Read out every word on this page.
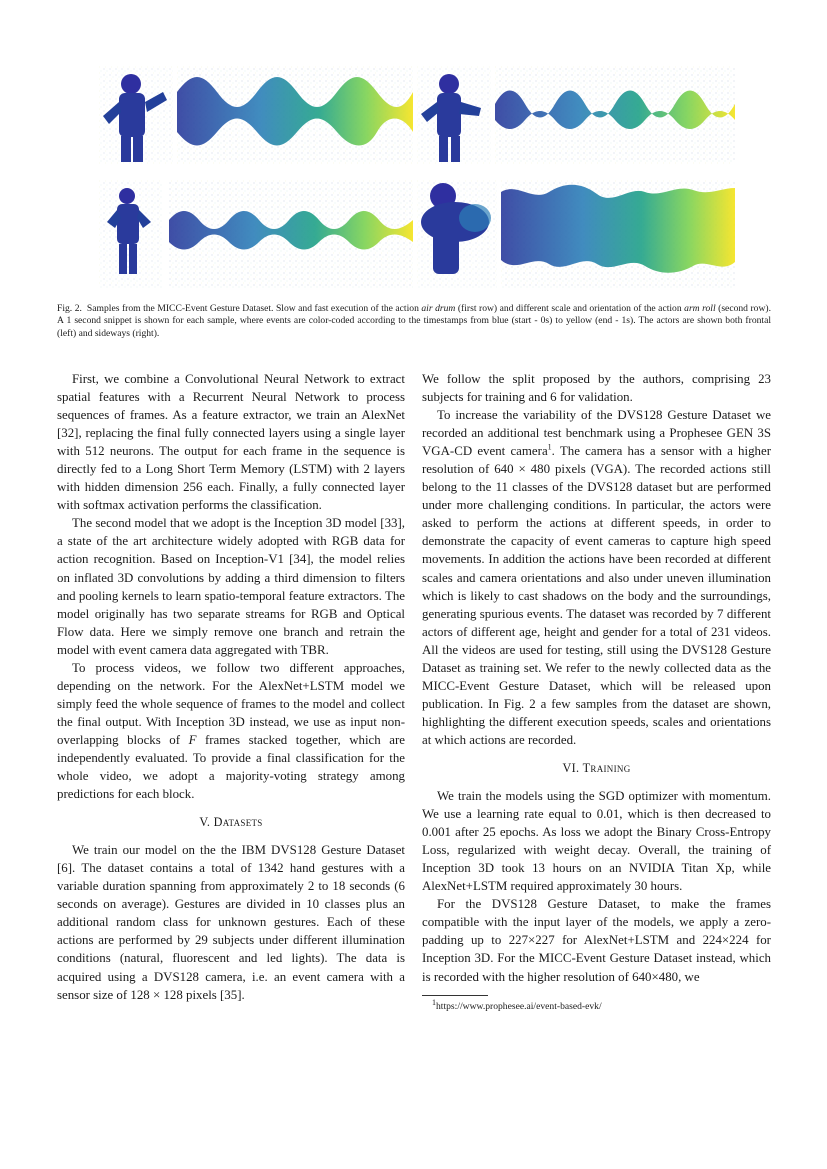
Fig. 2. Samples from the MICC-Event Gesture Dataset. Slow and fast execution of the action air drum (first row) and different scale and orientation of the action arm roll (second row). A 1 second snippet is shown for each sample, where events are color-coded according to the timestamps from blue (start - 0s) to yellow (end - 1s). The actors are shown both frontal (left) and sideways (right).

First, we combine a Convolutional Neural Network to extract spatial features with a Recurrent Neural Network to process sequences of frames. As a feature extractor, we train an AlexNet [32], replacing the final fully connected layers using a single layer with 512 neurons. The output for each frame in the sequence is directly fed to a Long Short Term Memory (LSTM) with 2 layers with hidden dimension 256 each. Finally, a fully connected layer with softmax activation performs the classification.

The second model that we adopt is the Inception 3D model [33], a state of the art architecture widely adopted with RGB data for action recognition. Based on Inception-V1 [34], the model relies on inflated 3D convolutions by adding a third dimension to filters and pooling kernels to learn spatio-temporal feature extractors. The model originally has two separate streams for RGB and Optical Flow data. Here we simply remove one branch and retrain the model with event camera data aggregated with TBR.

To process videos, we follow two different approaches, depending on the network. For the AlexNet+LSTM model we simply feed the whole sequence of frames to the model and collect the final output. With Inception 3D instead, we use as input non-overlapping blocks of F frames stacked together, which are independently evaluated. To provide a final classification for the whole video, we adopt a majority-voting strategy among predictions for each block.

V. Datasets

We train our model on the the IBM DVS128 Gesture Dataset [6]. The dataset contains a total of 1342 hand gestures with a variable duration spanning from approximately 2 to 18 seconds (6 seconds on average). Gestures are divided in 10 classes plus an additional random class for unknown gestures. Each of these actions are performed by 29 subjects under different illumination conditions (natural, fluorescent and led lights). The data is acquired using a DVS128 camera, i.e. an event camera with a sensor size of 128 × 128 pixels [35].

We follow the split proposed by the authors, comprising 23 subjects for training and 6 for validation.

To increase the variability of the DVS128 Gesture Dataset we recorded an additional test benchmark using a Prophesee GEN 3S VGA-CD event camera$^1$. The camera has a sensor with a higher resolution of 640 × 480 pixels (VGA). The recorded actions still belong to the 11 classes of the DVS128 dataset but are performed under more challenging conditions. In particular, the actors were asked to perform the actions at different speeds, in order to demonstrate the capacity of event cameras to capture high speed movements. In addition the actions have been recorded at different scales and camera orientations and also under uneven illumination which is likely to cast shadows on the body and the surroundings, generating spurious events. The dataset was recorded by 7 different actors of different age, height and gender for a total of 231 videos. All the videos are used for testing, still using the DVS128 Gesture Dataset as training set. We refer to the newly collected data as the MICC-Event Gesture Dataset, which will be released upon publication. In Fig. 2 a few samples from the dataset are shown, highlighting the different execution speeds, scales and orientations at which actions are recorded.

VI. Training

We train the models using the SGD optimizer with momentum. We use a learning rate equal to 0.01, which is then decreased to 0.001 after 25 epochs. As loss we adopt the Binary Cross-Entropy Loss, regularized with weight decay. Overall, the training of Inception 3D took 13 hours on an NVIDIA Titan Xp, while AlexNet+LSTM required approximately 30 hours.

For the DVS128 Gesture Dataset, to make the frames compatible with the input layer of the models, we apply a zero-padding up to 227×227 for AlexNet+LSTM and 224×224 for Inception 3D. For the MICC-Event Gesture Dataset instead, which is recorded with the higher resolution of 640×480, we

$^1$https://www.prophesee.ai/event-based-evk/
